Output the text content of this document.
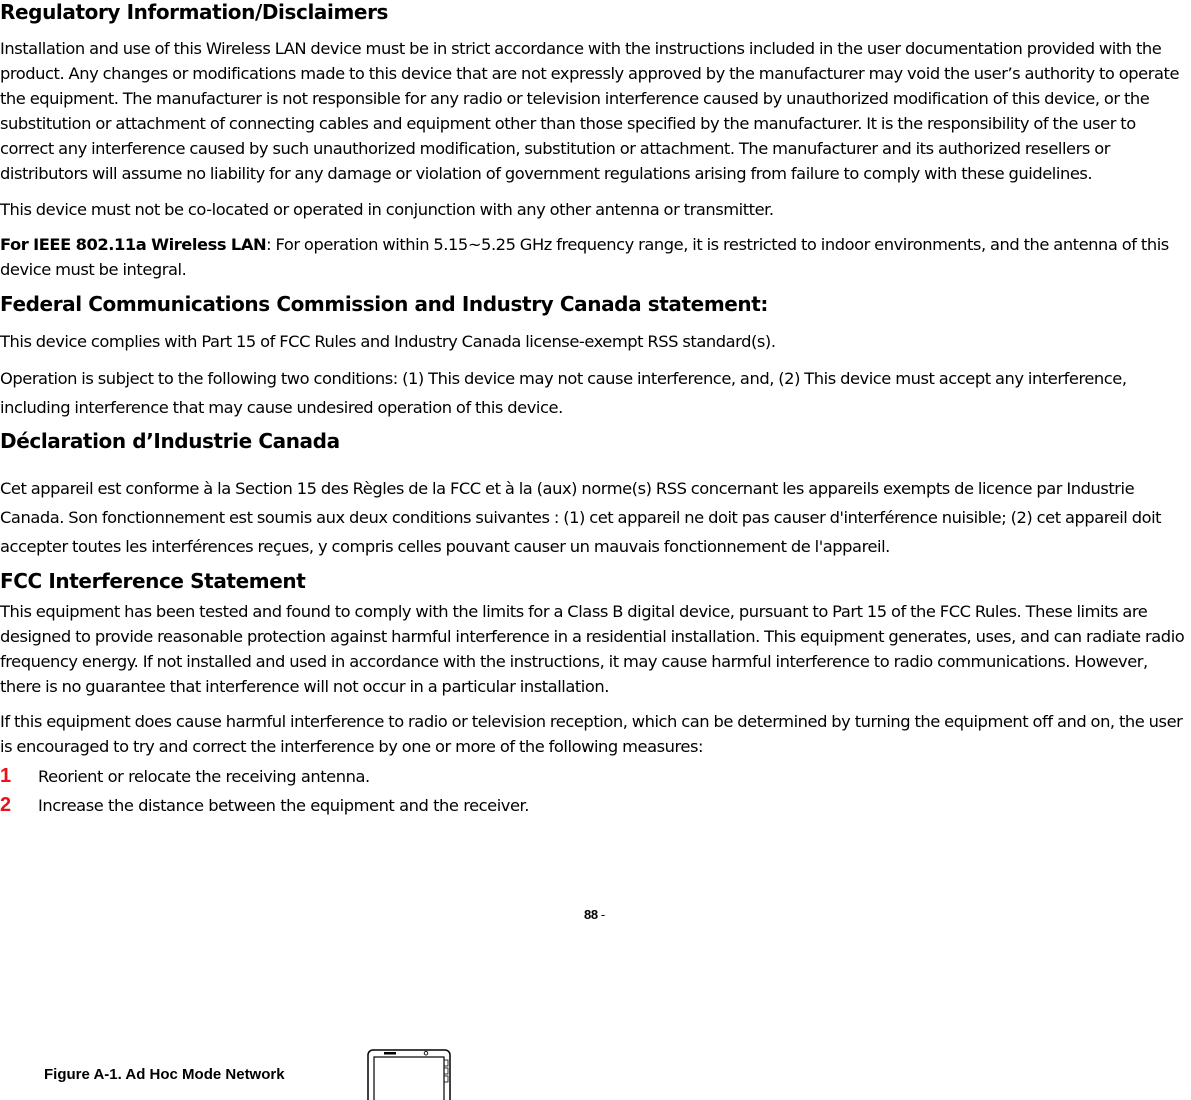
Regulatory Information/Disclaimers

Installation and use of this Wireless LAN device must be in strict accordance with the instructions included in the user documentation provided with the product. Any changes or modifications made to this device that are not expressly approved by the manufacturer may void the user’s authority to operate the equipment. The manufacturer is not responsible for any radio or television interference caused by unauthorized modification of this device, or the substitution or attachment of connecting cables and equipment other than those specified by the manufacturer. It is the responsibility of the user to correct any interference caused by such unauthorized modification, substitution or attachment. The manufacturer and its authorized resellers or distributors will assume no liability for any damage or violation of government regulations arising from failure to comply with these guidelines.

This device must not be co-located or operated in conjunction with any other antenna or transmitter.

For IEEE 802.11a Wireless LAN: For operation within 5.15~5.25 GHz frequency range, it is restricted to indoor environments, and the antenna of this device must be integral.

Federal Communications Commission and Industry Canada statement:

This device complies with Part 15 of FCC Rules and Industry Canada license-exempt RSS standard(s).

Operation is subject to the following two conditions: (1) This device may not cause interference, and, (2) This device must accept any interference, including interference that may cause undesired operation of this device.

Déclaration d’Industrie Canada

Cet appareil est conforme à la Section 15 des Règles de la FCC et à la (aux) norme(s) RSS concernant les appareils exempts de licence par Industrie Canada. Son fonctionnement est soumis aux deux conditions suivantes : (1) cet appareil ne doit pas causer d'interférence nuisible; (2) cet appareil doit accepter toutes les interférences reçues, y compris celles pouvant causer un mauvais fonctionnement de l'appareil.

FCC Interference Statement

This equipment has been tested and found to comply with the limits for a Class B digital device, pursuant to Part 15 of the FCC Rules. These limits are designed to provide reasonable protection against harmful interference in a residential installation. This equipment generates, uses, and can radiate radio frequency energy. If not installed and used in accordance with the instructions, it may cause harmful interference to radio communications. However, there is no guarantee that interference will not occur in a particular installation.

If this equipment does cause harmful interference to radio or television reception, which can be determined by turning the equipment off and on, the user is encouraged to try and correct the interference by one or more of the following measures:

1	Reorient or relocate the receiving antenna.
2	Increase the distance between the equipment and the receiver.
88 -
Figure A-1. Ad Hoc Mode Network
